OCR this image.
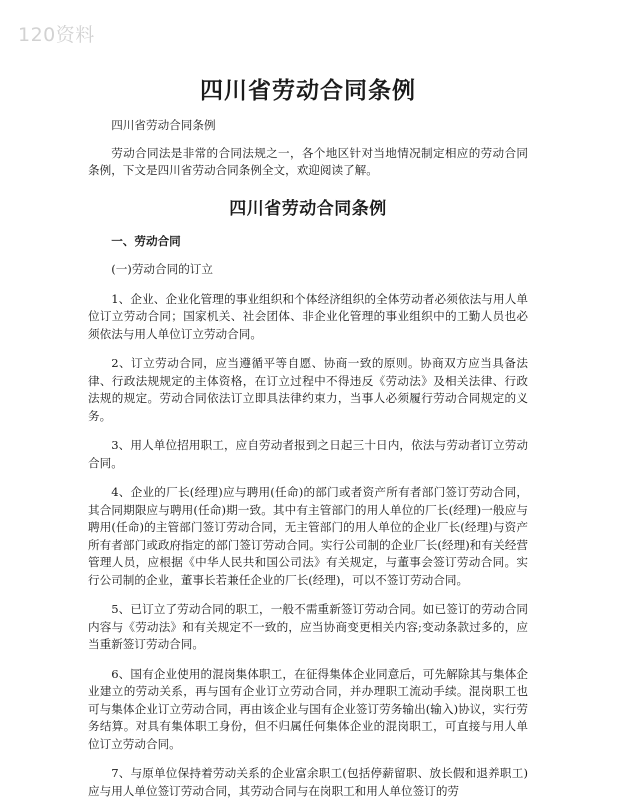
120资料
四川省劳动合同条例

四川省劳动合同条例

劳动合同法是非常的合同法规之一，各个地区针对当地情况制定相应的劳动合同条例，下文是四川省劳动合同条例全文，欢迎阅读了解。

四川省劳动合同条例

一、劳动合同

(一)劳动合同的订立

1、企业、企业化管理的事业组织和个体经济组织的全体劳动者必须依法与用人单位订立劳动合同；国家机关、社会团体、非企业化管理的事业组织中的工勤人员也必须依法与用人单位订立劳动合同。

2、订立劳动合同，应当遵循平等自愿、协商一致的原则。协商双方应当具备法律、行政法规规定的主体资格，在订立过程中不得违反《劳动法》及相关法律、行政法规的规定。劳动合同依法订立即具法律约束力，当事人必须履行劳动合同规定的义务。

3、用人单位招用职工，应自劳动者报到之日起三十日内，依法与劳动者订立劳动合同。

4、企业的厂长(经理)应与聘用(任命)的部门或者资产所有者部门签订劳动合同，其合同期限应与聘用(任命)期一致。其中有主管部门的用人单位的厂长(经理)一般应与聘用(任命)的主管部门签订劳动合同，无主管部门的用人单位的企业厂长(经理)与资产所有者部门或政府指定的部门签订劳动合同。实行公司制的企业厂长(经理)和有关经营管理人员，应根据《中华人民共和国公司法》有关规定，与董事会签订劳动合同。实行公司制的企业，董事长若兼任企业的厂长(经理)，可以不签订劳动合同。

5、已订立了劳动合同的职工，一般不需重新签订劳动合同。如已签订的劳动合同内容与《劳动法》和有关规定不一致的，应当协商变更相关内容;变动条款过多的，应当重新签订劳动合同。

6、国有企业使用的混岗集体职工，在征得集体企业同意后，可先解除其与集体企业建立的劳动关系，再与国有企业订立劳动合同，并办理职工流动手续。混岗职工也可与集体企业订立劳动合同，再由该企业与国有企业签订劳务输出(输入)协议，实行劳务结算。对具有集体职工身份，但不归属任何集体企业的混岗职工，可直接与用人单位订立劳动合同。

7、与原单位保持着劳动关系的企业富余职工(包括停薪留职、放长假和退养职工)应与用人单位签订劳动合同，其劳动合同与在岗职工和用人单位签订的劳
